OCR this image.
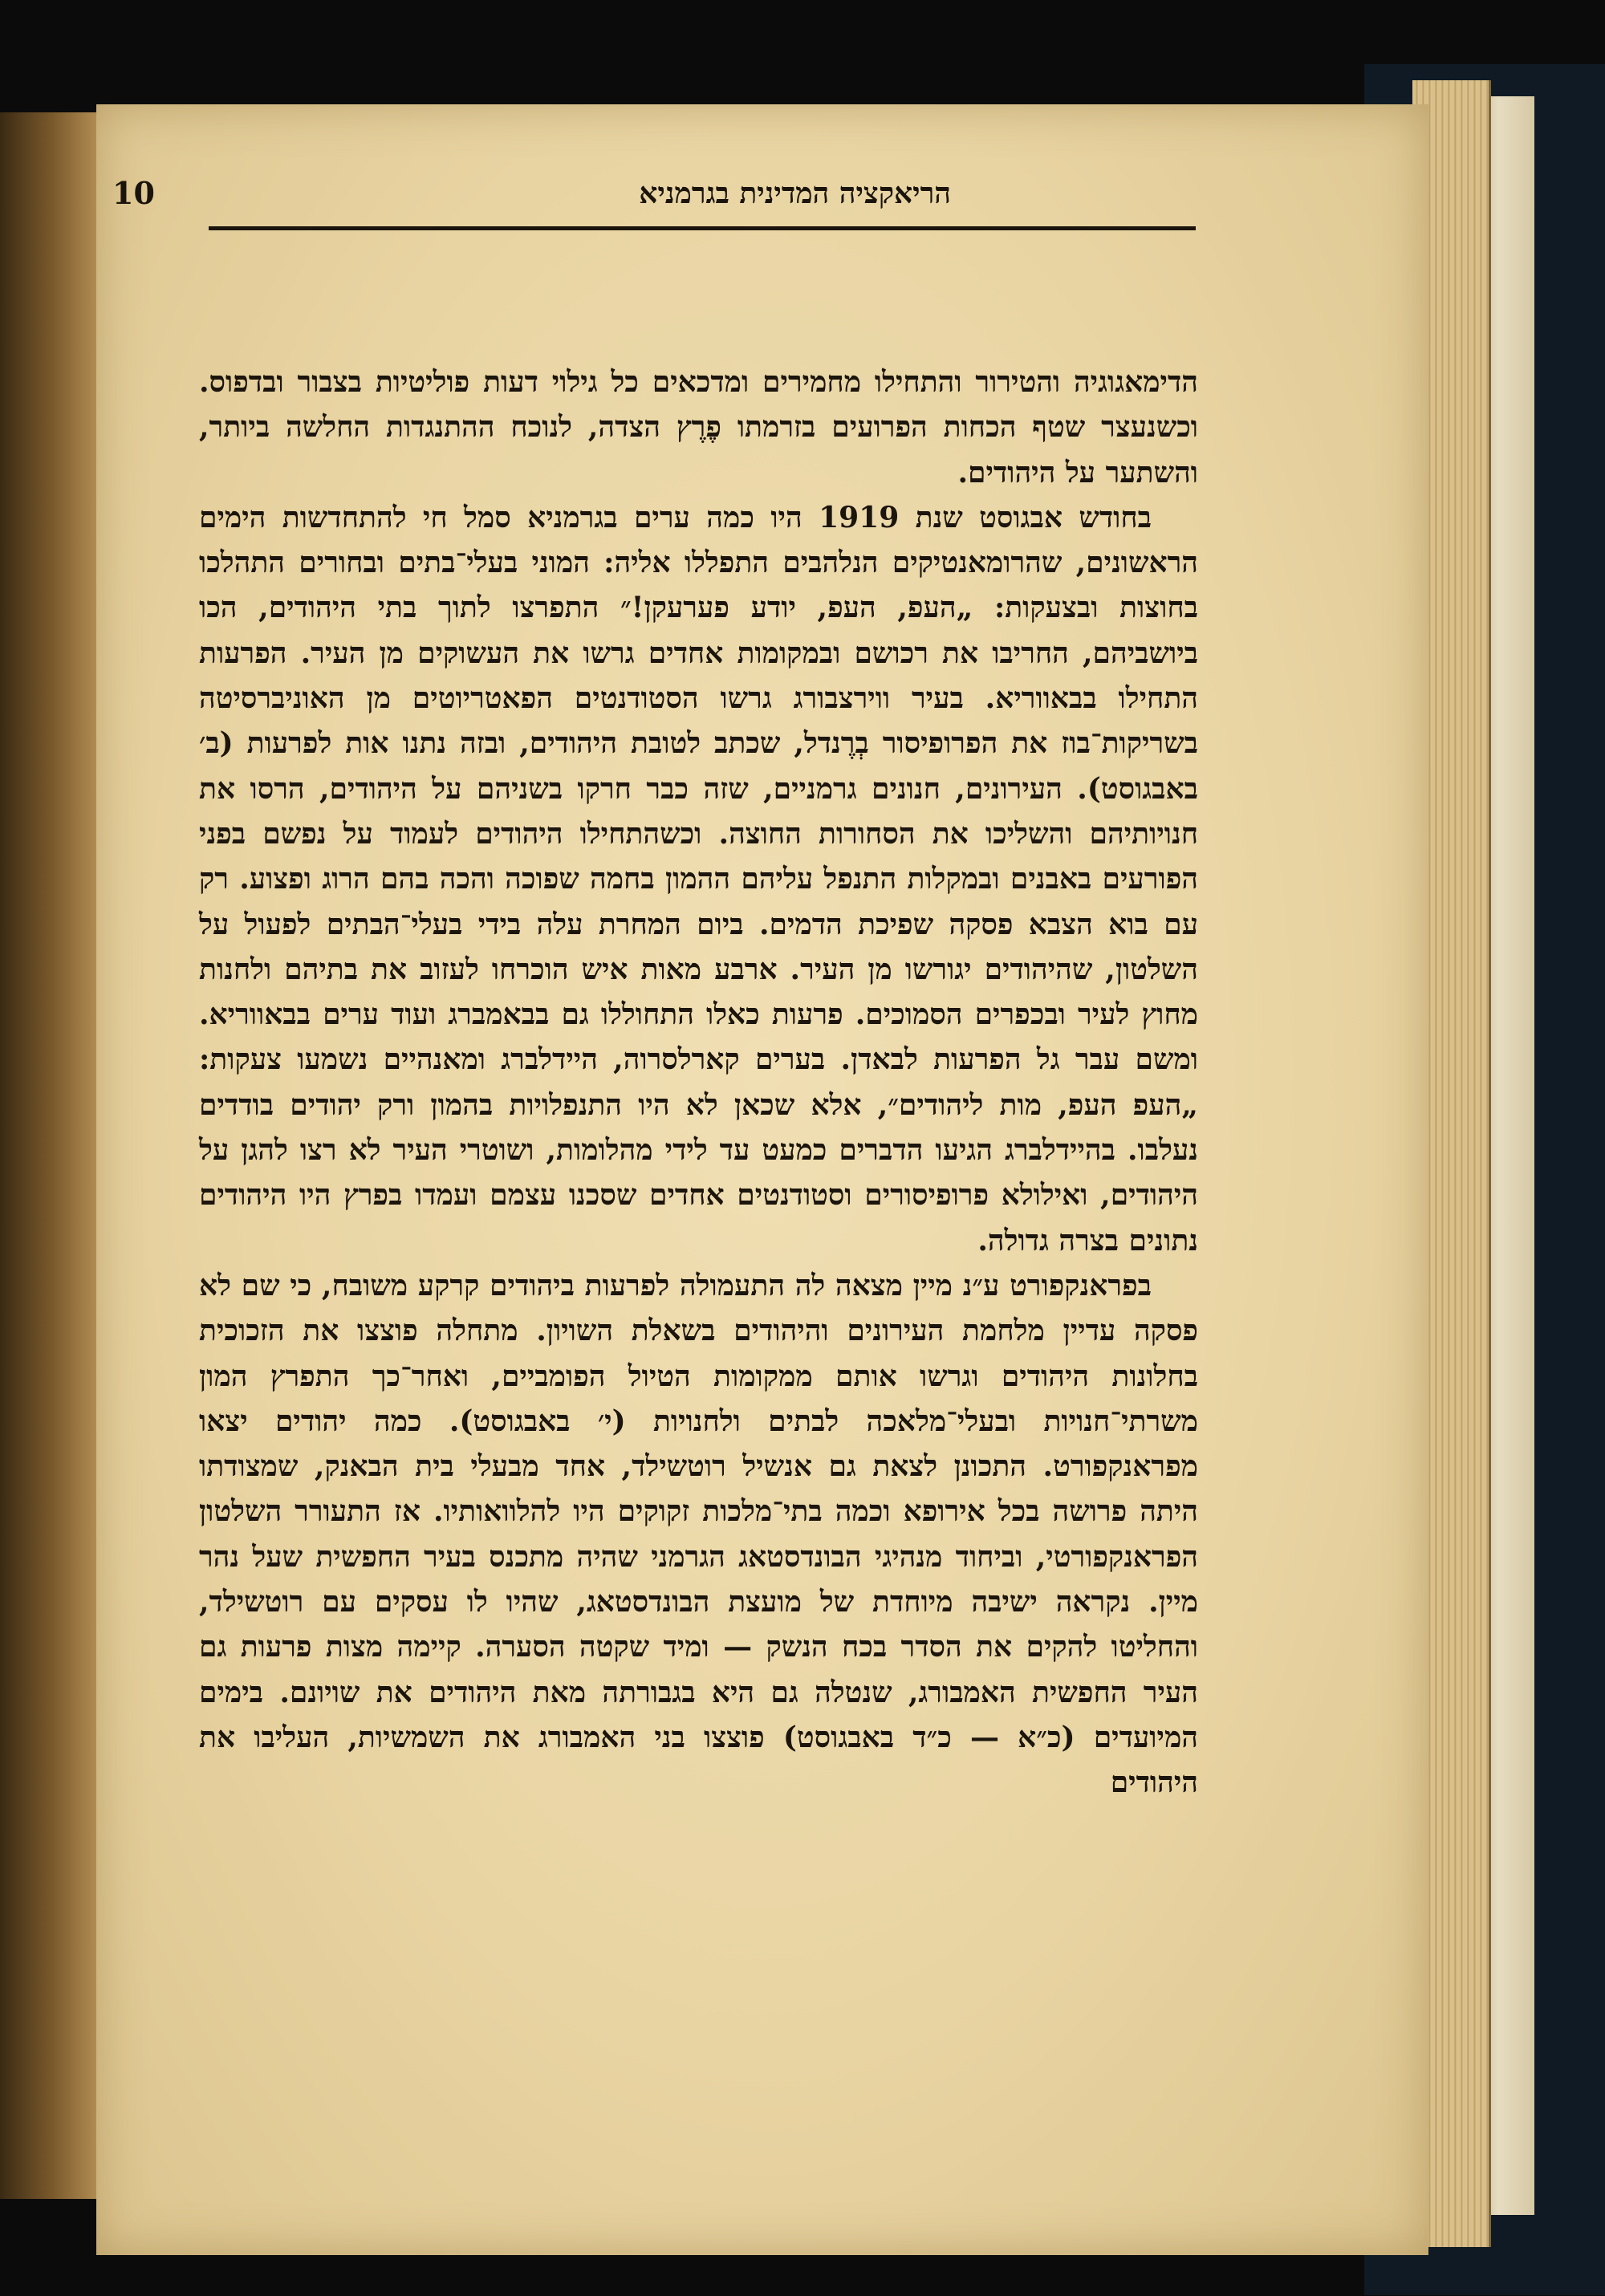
הריאקציה המדינית בגרמניא
10

הדימאגוגיה והטירור והתחילו מחמירים ומדכאים כל גילוי דעות פוליטיות בצבור ובדפוס. וכשנעצר שטף הכחות הפרועים בזרמתו פֶרֶץ הצדה, לנוכח ההתנגדות החלשה ביותר, והשתער על היהודים.

בחודש אבגוסט שנת 1919 היו כמה ערים בגרמניא סמל חי להתחדשות הימים הראשונים, שהרומאנטיקים הנלהבים התפללו אליה: המוני בעלי־בתים ובחורים התהלכו בחוצות ובצעקות: „העפ, העפ, יודע פערעקן!״ התפרצו לתוך בתי היהודים, הכו ביושביהם, החריבו את רכושם ובמקומות אחדים גרשו את העשוקים מן העיר. הפרעות התחילו בבאווריא. בעיר ווירצבורג גרשו הסטודנטים הפאטריוטים מן האוניברסיטה בשריקות־בוז את הפרופיסור בְרֶנדל, שכתב לטובת היהודים, ובזה נתנו אות לפרעות (ב׳ באבגוסט). העירונים, חנונים גרמניים, שזה כבר חרקו בשניהם על היהודים, הרסו את חנויותיהם והשליכו את הסחורות החוצה. וכשהתחילו היהודים לעמוד על נפשם בפני הפורעים באבנים ובמקלות התנפל עליהם ההמון בחמה שפוכה והכה בהם הרוג ופצוע. רק עם בוא הצבא פסקה שפיכת הדמים. ביום המחרת עלה בידי בעלי־הבתים לפעול על השלטון, שהיהודים יגורשו מן העיר. ארבע מאות איש הוכרחו לעזוב את בתיהם ולחנות מחוץ לעיר ובכפרים הסמוכים. פרעות כאלו התחוללו גם בבאמברג ועוד ערים בבאווריא. ומשם עבר גל הפרעות לבאדן. בערים קארלסרוה, היידלברג ומאנהיים נשמעו צעקות: „העפ העפ, מות ליהודים״, אלא שכאן לא היו התנפלויות בהמון ורק יהודים בודדים נעלבו. בהיידלברג הגיעו הדברים כמעט עד לידי מהלומות, ושוטרי העיר לא רצו להגן על היהודים, ואילולא פרופיסורים וסטודנטים אחדים שסכנו עצמם ועמדו בפרץ היו היהודים נתונים בצרה גדולה.

בפראנקפורט ע״נ מיין מצאה לה התעמולה לפרעות ביהודים קרקע משובח, כי שם לא פסקה עדיין מלחמת העירונים והיהודים בשאלת השויון. מתחלה פוצצו את הזכוכית בחלונות היהודים וגרשו אותם ממקומות הטיול הפומביים, ואחר־כך התפרץ המון משרתי־חנויות ובעלי־מלאכה לבתים ולחנויות (י׳ באבגוסט). כמה יהודים יצאו מפראנקפורט. התכונן לצאת גם אנשיל רוטשילד, אחד מבעלי בית הבאנק, שמצודתו היתה פרושה בכל אירופא וכמה בתי־מלכות זקוקים היו להלוואותיו. אז התעורר השלטון הפראנקפורטי, וביחוד מנהיגי הבונדסטאג הגרמני שהיה מתכנס בעיר החפשית שעל נהר מיין. נקראה ישיבה מיוחדת של מועצת הבונדסטאג, שהיו לו עסקים עם רוטשילד, והחליטו להקים את הסדר בכח הנשק — ומיד שקטה הסערה. קיימה מצות פרעות גם העיר החפשית האמבורג, שנטלה גם היא בגבורתה מאת היהודים את שויונם. בימים המיועדים (כ״א — כ״ד באבגוסט) פוצצו בני האמבורג את השמשיות, העליבו את היהודים
